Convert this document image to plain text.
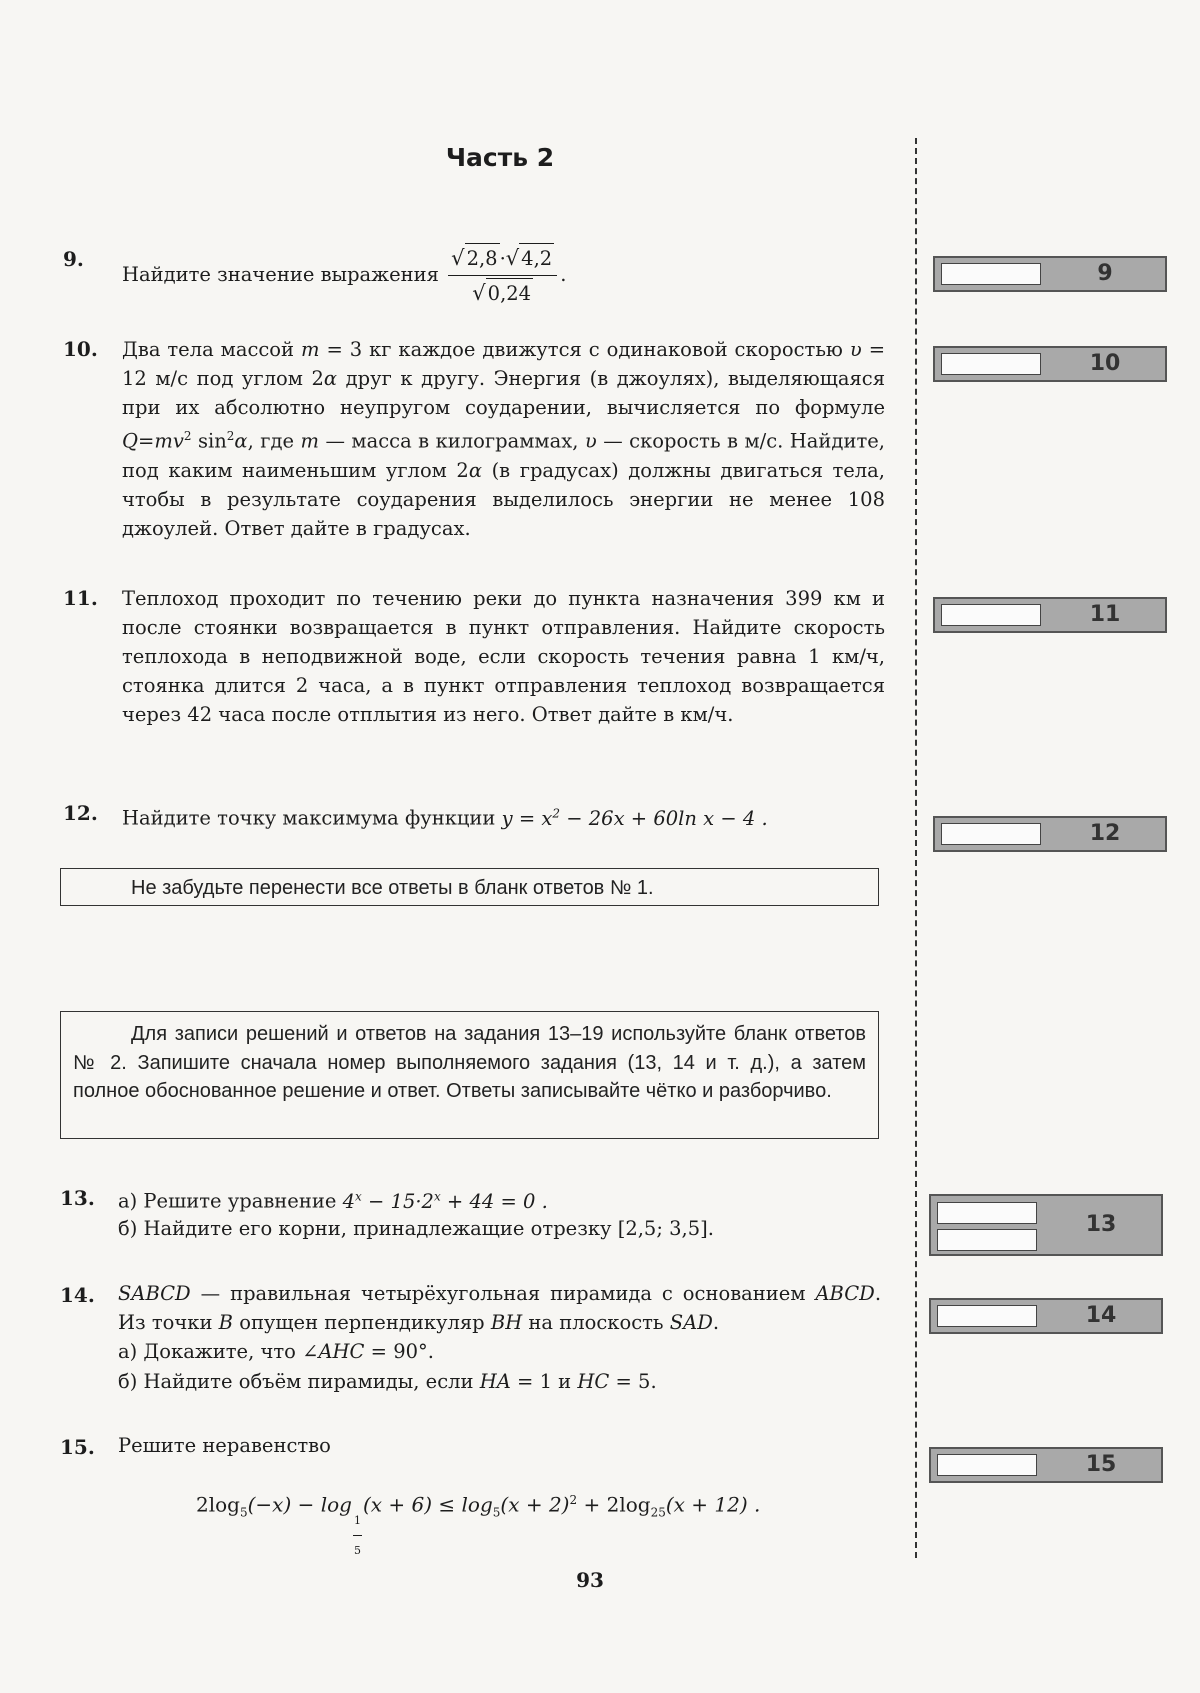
Часть 2
9.
Найдите значение выражения $\frac{√ 2,8 \cdot√ 4,2}{√ 0,24}$ .
10. Два тела массой m = 3 кг каждое движутся с одинаковой скоростью υ = 12 м/с под углом 2α друг к другу. Энергия (в джоулях), выделяющаяся при их абсолютно неупругом соударении, вычисляется по формуле $Q=mv^2$ $\sin^2\alpha$, где m — масса в килограммах, υ — скорость в м/с. Найдите, под каким наименьшим углом 2α (в градусах) должны двигаться тела, чтобы в результате соударения выделилось энергии не менее 108 джоулей. Ответ дайте в градусах.
11. Теплоход проходит по течению реки до пункта назначения 399 км и после стоянки возвращается в пункт отправления. Найдите скорость теплохода в неподвижной воде, если скорость течения равна 1 км/ч, стоянка длится 2 часа, а в пункт отправления теплоход возвращается через 42 часа после отплытия из него. Ответ дайте в км/ч.
12. Найдите точку максимума функции $y = x^2 - 26x + 60\ln$ x − 4 .
Не забудьте перенести все ответы в бланк ответов № 1.
Для записи решений и ответов на задания 13–19 используйте бланк ответов № 2. Запишите сначала номер выполняемого задания (13, 14 и т. д.), а затем полное обоснованное решение и ответ. Ответы записывайте чётко и разборчиво.
13. а) Решите уравнение $4^x - 15\cdot 2^x + 44 = 0$ .
б) Найдите его корни, принадлежащие отрезку [2,5; 3,5].
14. SABCD — правильная четырёхугольная пирамида с основанием ABCD. Из точки B опущен перпендикуляр BH на плоскость SAD.
а) Докажите, что ∠AHC = 90°.
б) Найдите объём пирамиды, если HA = 1 и HC = 5.
15. Решите неравенство
$2\log_5(-x) - \log$
$\frac{1}{5}$
$(x + 6) \le \log_5(x + 2)^2 + 2\log_{25}(x + 12)$ .
9
10
11
12
13
14
15
93
